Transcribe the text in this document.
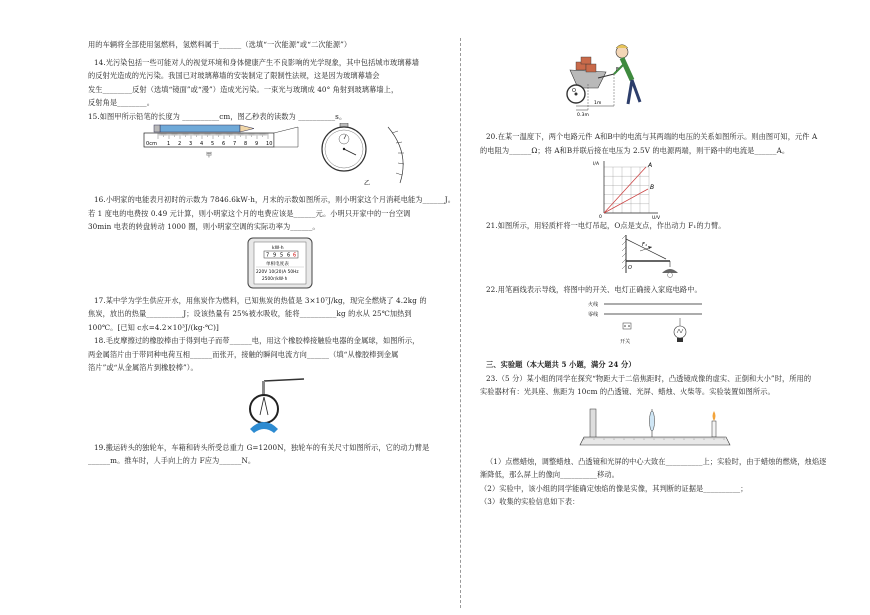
用的车辆将全部使用氢燃料，氢燃料属于______（选填“一次能源”或“二次能源”）

14.光污染包括一些可能对人的视觉环境和身体健康产生不良影响的光学现象，其中包括城市玻璃幕墙

的反射光造成的光污染。我国已对玻璃幕墙的安装制定了限制性法规，这是因为玻璃幕墙会

发生________反射（选填“镜面”或“漫”）造成光污染。一束光与玻璃成 40° 角射到玻璃幕墙上，

反射角是________。

15.如图甲所示铅笔的长度为 __________cm，图乙秒表的读数为 __________s。

1 2 3 4 5 6 7 8 9 10
0cm
甲
乙

16.小明家的电能表月初时的示数为 7846.6kW·h，月末的示数如图所示，则小明家这个月消耗电能为______J。

若 1 度电的电费按 0.49 元计算，则小明家这个月的电费应该是______元。小明只开家中的一台空调

30min 电表的转盘转动 1000 圈，则小明家空调的实际功率为______。

kW·h
7 9 5 6 6
单相电度表
220V 10(20)A 50Hz
2500r/kW·h

17.某中学为学生供应开水，用焦炭作为燃料，已知焦炭的热值是 3×10⁷J/kg，现完全燃烧了 4.2kg 的

焦炭，放出的热量__________J；设该热量有 25%被水吸收，能将__________kg 的水从 25℃加热到

100℃。[已知 c水=4.2×10³J/(kg·℃)]

18.毛皮摩擦过的橡胶棒由于得到电子而带______电，用这个橡胶棒接触验电器的金属球，如图所示，

两金属箔片由于带同种电荷互相______而张开，接触的瞬间电流方向______（填“从橡胶棒到金属

箔片”或“从金属箔片到橡胶棒”）。

19.搬运砖头的独轮车，车箱和砖头所受总重力 G=1200N，独轮车的有关尺寸如图所示，它的动力臂是

______m。推车时，人手向上的力 F应为______N。

F
O
0.3m
1m

20.在某一温度下，两个电路元件 A和B中的电流与其两端的电压的关系如图所示。则由图可知，元件 A

的电阻为______Ω；将 A和B并联后接在电压为 2.5V 的电源两端，则干路中的电流是______A。

I/A
U/V
A
B
0

21.如图所示，用轻质杆将一电灯吊起，O点是支点，作出动力 F₁的力臂。

F₁
O

22.用笔画线表示导线，将图中的开关、电灯正确接入家庭电路中。

火线
零线
开关

三、实验题（本大题共 5 小题，满分 24 分）

23.（5 分）某小组的同学在探究“物距大于二倍焦距时，凸透镜成像的虚实、正倒和大小”时，所用的

实验器材有：光具座、焦距为 10cm 的凸透镜、光屏、蜡烛、火柴等。实验装置如图所示。

（1）点燃蜡烛，调整蜡烛、凸透镜和光屏的中心大致在__________上；实验时，由于蜡烛的燃烧，烛焰逐

渐降低，那么屏上的像向__________移动。

（2）实验中，该小组的同学能确定烛焰的像是实像，其判断的证据是__________；

（3）收集的实验信息如下表：
